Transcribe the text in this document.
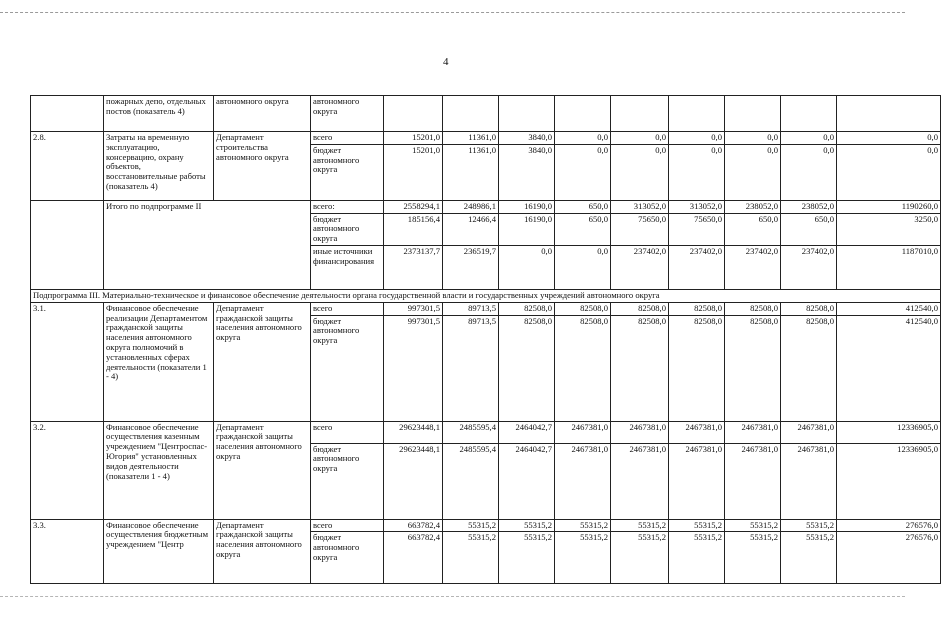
4
	пожарных депо, отдельных постов (показатель 4)	автономного округа	автономного округа									
2.8.	Затраты на временную эксплуатацию, консервацию, охрану объектов, восстановительные работы (показатель 4)	Департамент строительства автономного округа	всего	15201,0	11361,0	3840,0	0,0	0,0	0,0	0,0	0,0	0,0
			бюджет автономного округа	15201,0	11361,0	3840,0	0,0	0,0	0,0	0,0	0,0	0,0
	Итого по подпрограмме II		всего:	2558294,1	248986,1	16190,0	650,0	313052,0	313052,0	238052,0	238052,0	1190260,0
			бюджет автономного округа	185156,4	12466,4	16190,0	650,0	75650,0	75650,0	650,0	650,0	3250,0
			иные источники финансирования	2373137,7	236519,7	0,0	0,0	237402,0	237402,0	237402,0	237402,0	1187010,0
Подпрограмма III. Материально-техническое и финансовое обеспечение деятельности органа государственной власти и государственных учреждений автономного округа												
3.1.	Финансовое обеспечение реализации Департаментом гражданской защиты населения автономного округа полномочий в установленных сферах деятельности (показатели 1 - 4)	Департамент гражданской защиты населения автономного округа	всего	997301,5	89713,5	82508,0	82508,0	82508,0	82508,0	82508,0	82508,0	412540,0
			бюджет автономного округа	997301,5	89713,5	82508,0	82508,0	82508,0	82508,0	82508,0	82508,0	412540,0
3.2.	Финансовое обеспечение осуществления казенным учреждением "Центроспас-Югория" установленных видов деятельности (показатели 1 - 4)	Департамент гражданской защиты населения автономного округа	всего	29623448,1	2485595,4	2464042,7	2467381,0	2467381,0	2467381,0	2467381,0	2467381,0	12336905,0
			бюджет автономного округа	29623448,1	2485595,4	2464042,7	2467381,0	2467381,0	2467381,0	2467381,0	2467381,0	12336905,0
3.3.	Финансовое обеспечение осуществления бюджетным учреждением "Центр	Департамент гражданской защиты населения автономного округа	всего	663782,4	55315,2	55315,2	55315,2	55315,2	55315,2	55315,2	55315,2	276576,0
			бюджет автономного округа	663782,4	55315,2	55315,2	55315,2	55315,2	55315,2	55315,2	55315,2	276576,0
